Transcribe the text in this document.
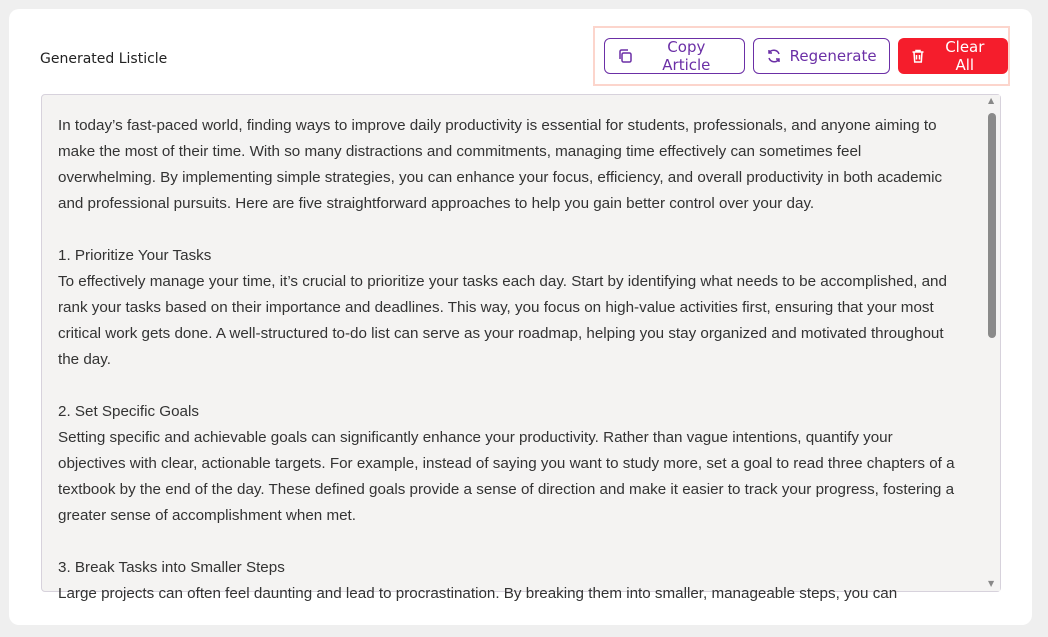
Generated Listicle
Copy Article	Regenerate	Clear All
In today’s fast-paced world, finding ways to improve daily productivity is essential for students, professionals, and anyone aiming to make the most of their time. With so many distractions and commitments, managing time effectively can sometimes feel overwhelming. By implementing simple strategies, you can enhance your focus, efficiency, and overall productivity in both academic and professional pursuits. Here are five straightforward approaches to help you gain better control over your day.

1. Prioritize Your Tasks
To effectively manage your time, it’s crucial to prioritize your tasks each day. Start by identifying what needs to be accomplished, and rank your tasks based on their importance and deadlines. This way, you focus on high-value activities first, ensuring that your most critical work gets done. A well-structured to-do list can serve as your roadmap, helping you stay organized and motivated throughout the day.

2. Set Specific Goals
Setting specific and achievable goals can significantly enhance your productivity. Rather than vague intentions, quantify your objectives with clear, actionable targets. For example, instead of saying you want to study more, set a goal to read three chapters of a textbook by the end of the day. These defined goals provide a sense of direction and make it easier to track your progress, fostering a greater sense of accomplishment when met.

3. Break Tasks into Smaller Steps
Large projects can often feel daunting and lead to procrastination. By breaking them into smaller, manageable steps, you can
▲
▼
